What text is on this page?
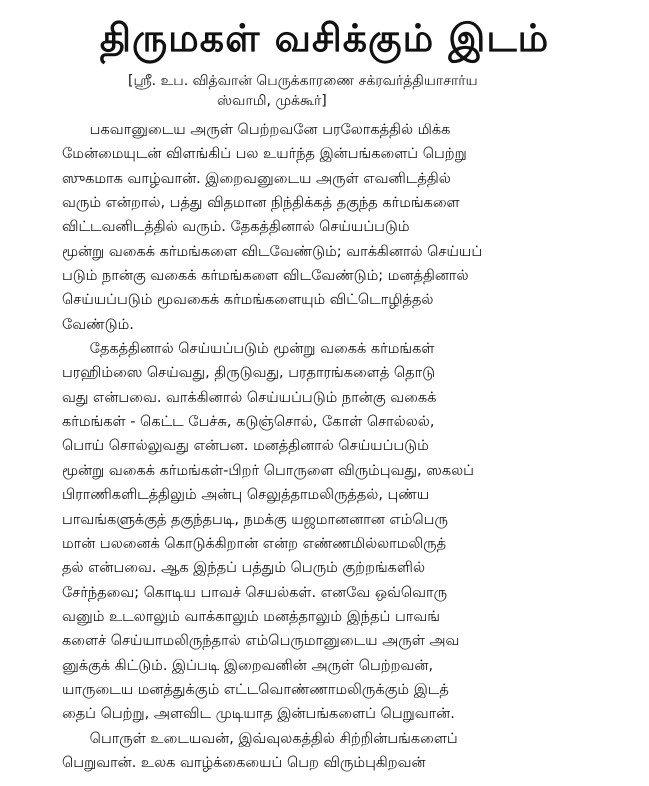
திருமகள் வசிக்கும் இடம்
[ஸ்ரீ. உப. வித்வான் பெருக்காரணை சக்ரவர்த்தியாசார்ய
ஸ்வாமி, முக்கூர்]
பகவானுடைய அருள் பெற்றவனே பரலோகத்தில் மிக்க
மேன்மையுடன் விளங்கிப் பல உயர்ந்த இன்பங்களைப் பெற்று
ஸுகமாக வாழ்வான். இறைவனுடைய அருள் எவனிடத்தில்
வரும் என்றால், பத்து விதமான நிந்திக்கத் தகுந்த கர்மங்களை
விட்டவனிடத்தில் வரும். தேகத்தினால் செய்யப்படும்
மூன்று வகைக் கர்மங்களை விடவேண்டும்; வாக்கினால் செய்யப்
படும் நான்கு வகைக் கர்மங்களை விடவேண்டும்; மனத்தினால்
செய்யப்படும் மூவகைக் கர்மங்களையும் விட்டொழித்தல்
வேண்டும்.
தேகத்தினால் செய்யப்படும் மூன்று வகைக் கர்மங்கள்
பரஹிம்ஸை செய்வது, திருடுவது, பரதாரங்களைத் தொடு
வது என்பவை. வாக்கினால் செய்யப்படும் நான்கு வகைக்
கர்மங்கள் - கெட்ட பேச்சு, கடுஞ்சொல், கோள் சொல்லல்,
பொய் சொல்லுவது என்பன. மனத்தினால் செய்யப்படும்
மூன்று வகைக் கர்மங்கள்-பிறர் பொருளை விரும்புவது, ஸகலப்
பிராணிகளிடத்திலும் அன்பு செலுத்தாமலிருத்தல், புண்ய
பாவங்களுக்குத் தகுந்தபடி, நமக்கு யஜமானனான எம்பெரு
மான் பலனைக் கொடுக்கிறான் என்ற எண்ணமில்லாமலிருத்
தல் என்பவை. ஆக இந்தப் பத்தும் பெரும் குற்றங்களில்
சேர்ந்தவை; கொடிய பாவச் செயல்கள். எனவே ஒவ்வொரு
வனும் உடலாலும் வாக்காலும் மனத்தாலும் இந்தப் பாவங்
களைச் செய்யாமலிருந்தால் எம்பெருமானுடைய அருள் அவ
னுக்குக் கிட்டும். இப்படி இறைவனின் அருள் பெற்றவன்,
யாருடைய மனத்துக்கும் எட்டவொண்ணாமலிருக்கும் இடத்
தைப் பெற்று, அளவிட முடியாத இன்பங்களைப் பெறுவான்.
பொருள் உடையவன், இவ்வுலகத்தில் சிற்றின்பங்களைப்
பெறுவான். உலக வாழ்க்கையைப் பெற விரும்புகிறவன்
